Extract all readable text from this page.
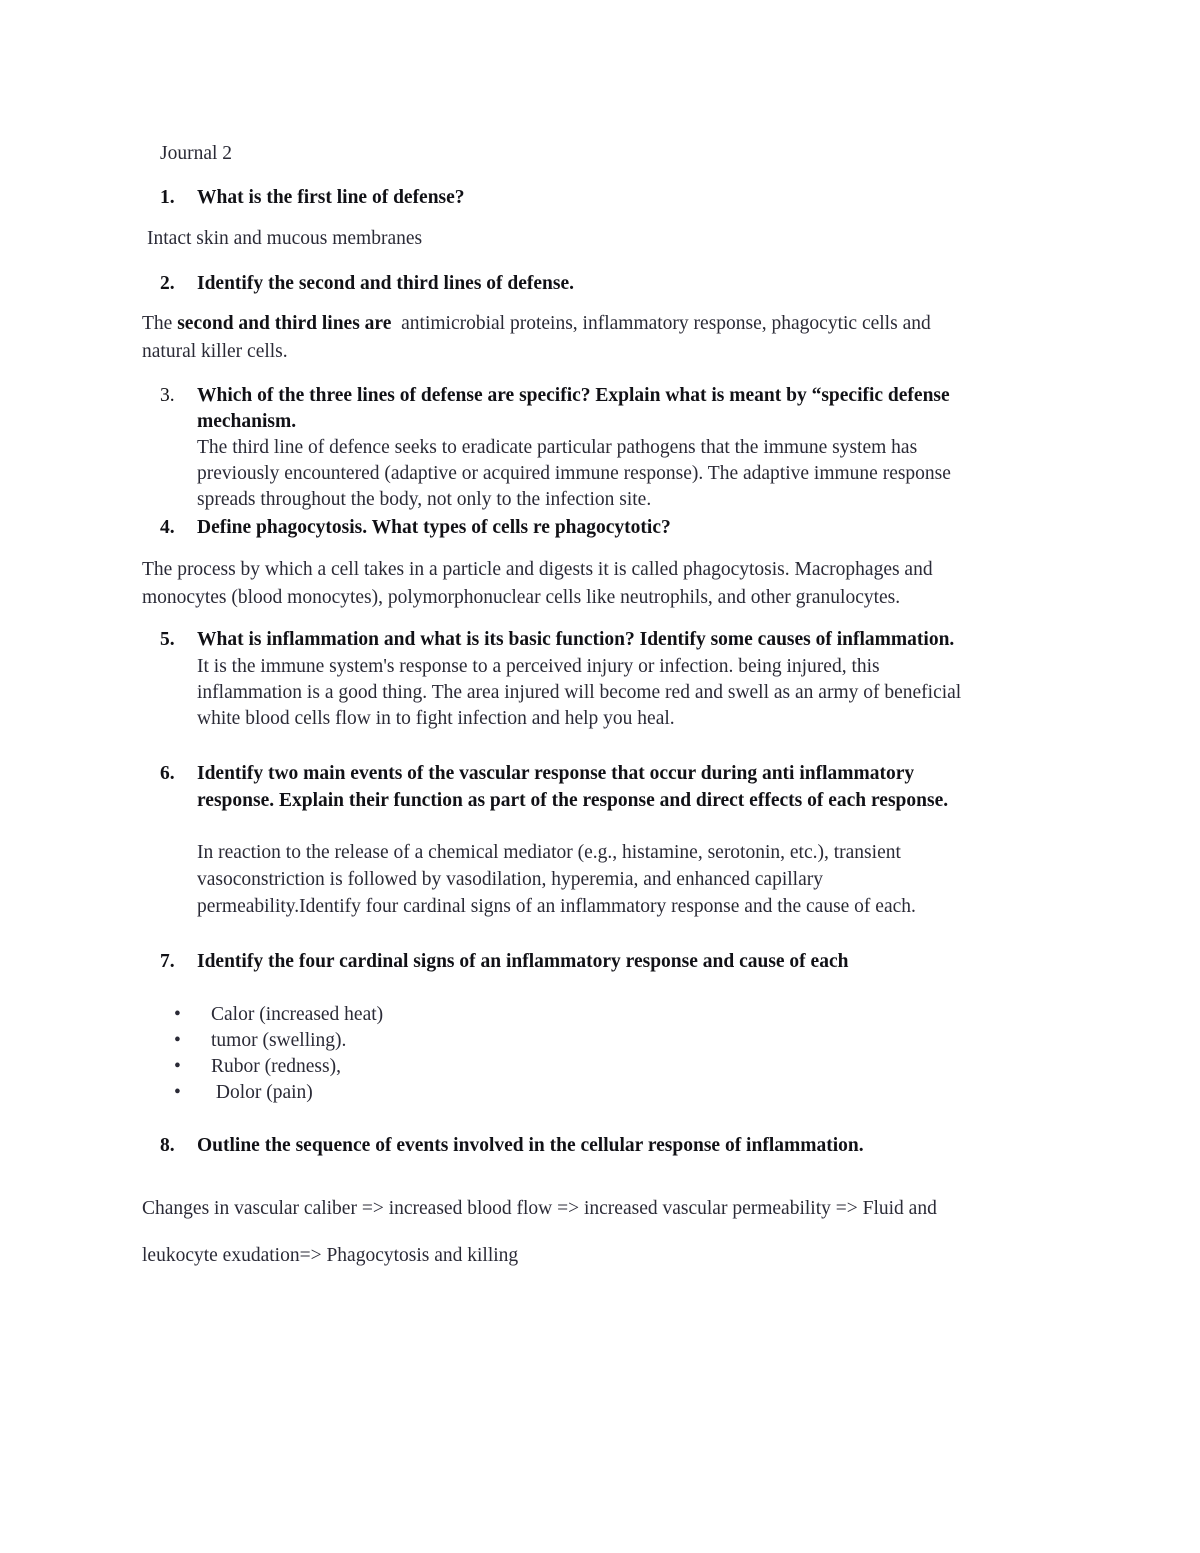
Journal 2
1. What is the first line of defense?
Intact skin and mucous membranes
2. Identify the second and third lines of defense.
The second and third lines are  antimicrobial proteins, inflammatory response, phagocytic cells and
natural killer cells.
3. Which of the three lines of defense are specific? Explain what is meant by “specific defense
mechanism.
The third line of defence seeks to eradicate particular pathogens that the immune system has
previously encountered (adaptive or acquired immune response). The adaptive immune response
spreads throughout the body, not only to the infection site.
4. Define phagocytosis. What types of cells re phagocytotic?
The process by which a cell takes in a particle and digests it is called phagocytosis. Macrophages and
monocytes (blood monocytes), polymorphonuclear cells like neutrophils, and other granulocytes.
5. What is inflammation and what is its basic function? Identify some causes of inflammation.
It is the immune system's response to a perceived injury or infection. being injured, this
inflammation is a good thing. The area injured will become red and swell as an army of beneficial
white blood cells flow in to fight infection and help you heal.
6. Identify two main events of the vascular response that occur during anti inflammatory
response. Explain their function as part of the response and direct effects of each response.
In reaction to the release of a chemical mediator (e.g., histamine, serotonin, etc.), transient
vasoconstriction is followed by vasodilation, hyperemia, and enhanced capillary
permeability.Identify four cardinal signs of an inflammatory response and the cause of each.
7. Identify the four cardinal signs of an inflammatory response and cause of each
• Calor (increased heat)
• tumor (swelling).
• Rubor (redness),
• Dolor (pain)
8. Outline the sequence of events involved in the cellular response of inflammation.
Changes in vascular caliber => increased blood flow => increased vascular permeability => Fluid and
leukocyte exudation=> Phagocytosis and killing
